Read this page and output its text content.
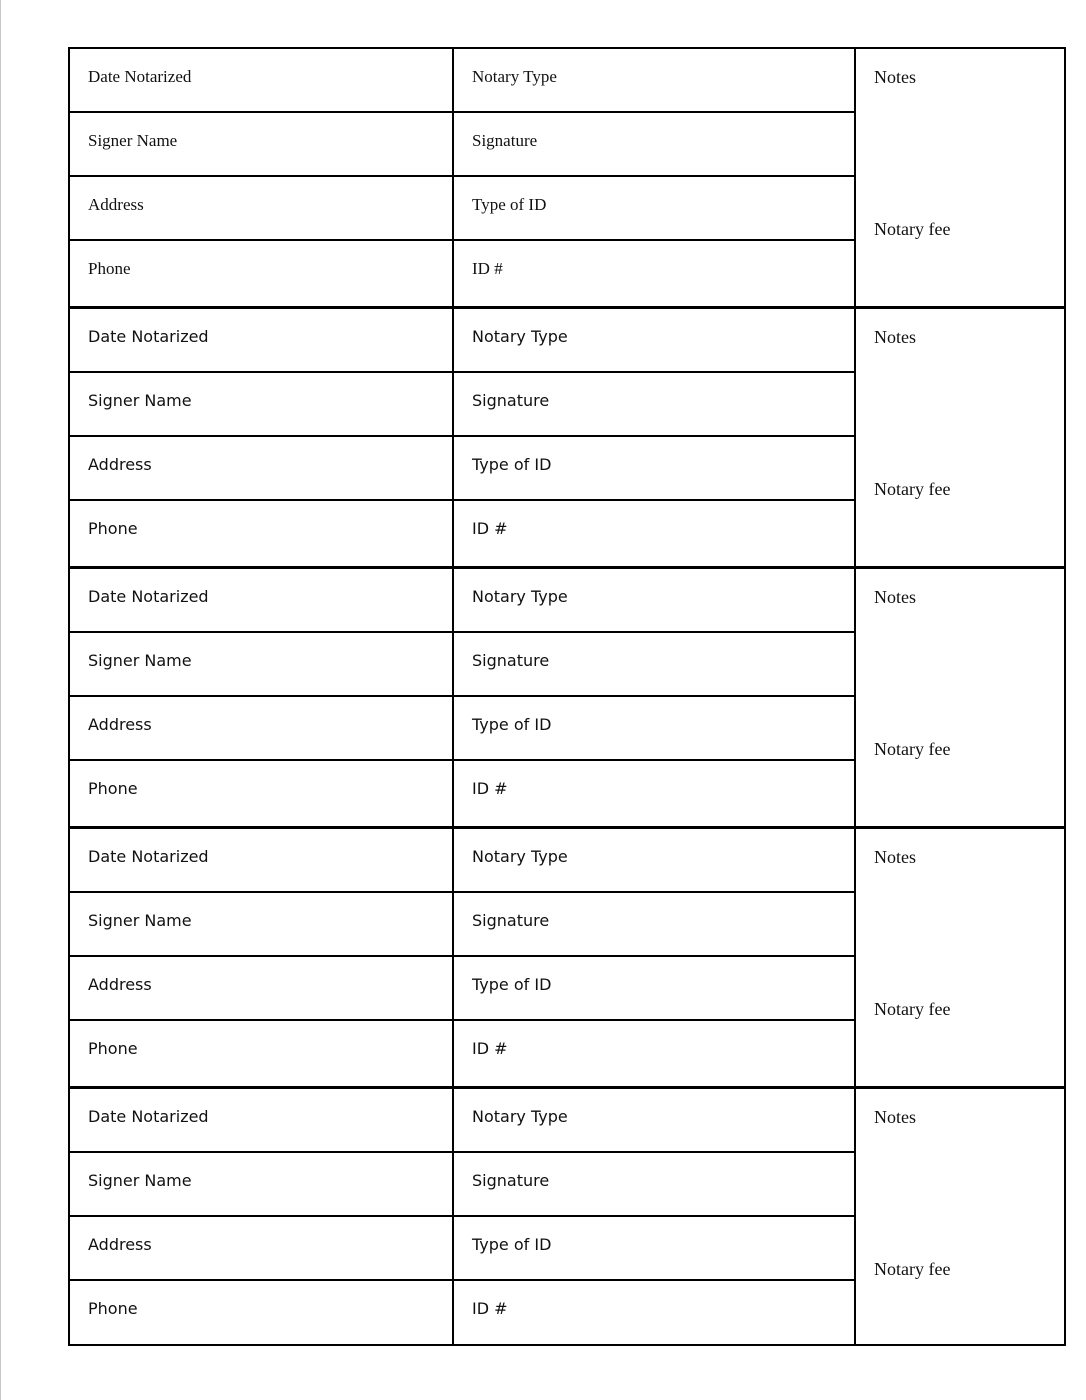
Date Notarized	Notary Type
Signer Name	Signature
Address	Type of ID
Phone	ID #
Notes
Notary fee
Date Notarized	Notary Type
Signer Name	Signature
Address	Type of ID
Phone	ID #
Notes
Notary fee
Date Notarized	Notary Type
Signer Name	Signature
Address	Type of ID
Phone	ID #
Notes
Notary fee
Date Notarized	Notary Type
Signer Name	Signature
Address	Type of ID
Phone	ID #
Notes
Notary fee
Date Notarized	Notary Type
Signer Name	Signature
Address	Type of ID
Phone	ID #
Notes
Notary fee
